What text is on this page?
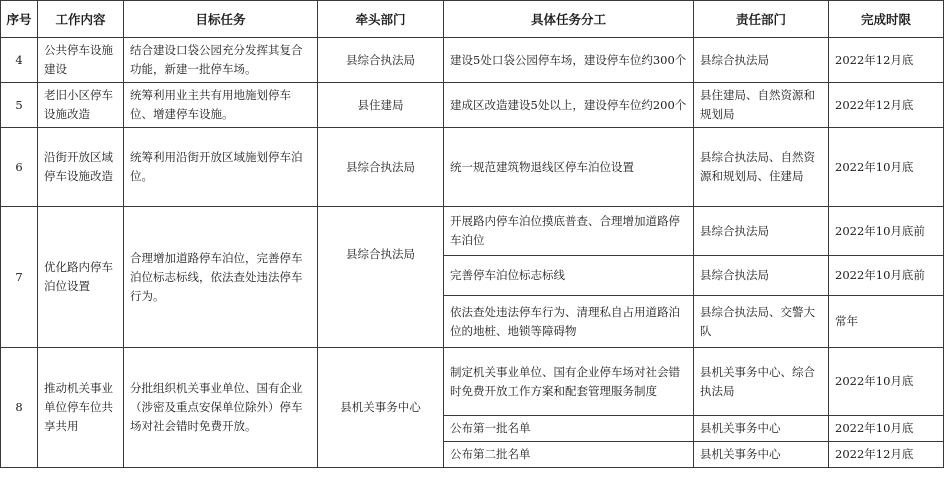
序号	工作内容	目标任务	牵头部门	具体任务分工	责任部门	完成时限
4	公共停车设施建设	结合建设口袋公园充分发挥其复合功能，新建一批停车场。	县综合执法局	建设5处口袋公园停车场，建设停车位约300个	县综合执法局	2022年12月底
5	老旧小区停车设施改造	统筹利用业主共有用地施划停车位、增建停车设施。	县住建局	建成区改造建设5处以上，建设停车位约200个	县住建局、自然资源和规划局	2022年12月底
6	沿街开放区域停车设施改造	统筹利用沿街开放区域施划停车泊位。	县综合执法局	统一规范建筑物退线区停车泊位设置	县综合执法局、自然资源和规划局、住建局	2022年10月底
7	优化路内停车泊位设置	合理增加道路停车泊位，完善停车泊位标志标线，依法查处违法停车行为。	县综合执法局	开展路内停车泊位摸底普查、合理增加道路停车泊位	县综合执法局	2022年10月底前
				完善停车泊位标志标线	县综合执法局	2022年10月底前
				依法查处违法停车行为、清理私自占用道路泊位的地桩、地锁等障碍物	县综合执法局、交警大队	常年
8	推动机关事业单位停车位共享共用	分批组织机关事业单位、国有企业（涉密及重点安保单位除外）停车场对社会错时免费开放。	县机关事务中心	制定机关事业单位、国有企业停车场对社会错时免费开放工作方案和配套管理服务制度	县机关事务中心、综合执法局	2022年10月底
				公布第一批名单	县机关事务中心	2022年10月底
				公布第二批名单	县机关事务中心	2022年12月底
